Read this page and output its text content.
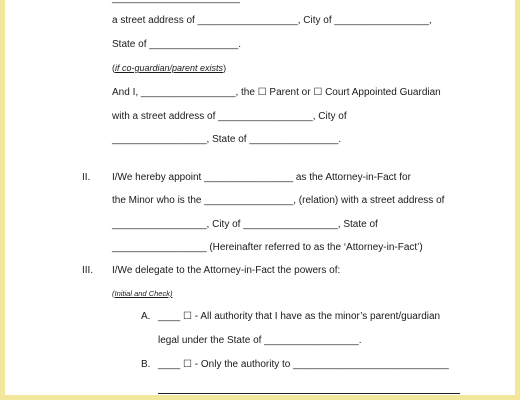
a street address of __________________, City of _________________,
State of ________________.
(if co-guardian/parent exists)
And I, _________________, the ☐ Parent or ☐ Court Appointed Guardian
with a street address of _________________, City of
_________________, State of ________________.
II. I/We hereby appoint ________________ as the Attorney-in-Fact for
the Minor who is the ________________, (relation) with a street address of
_________________, City of _________________, State of
_________________ (Hereinafter referred to as the ‘Attorney-in-Fact’)
III. I/We delegate to the Attorney-in-Fact the powers of:
(Initial and Check)
A. ____ ☐ - All authority that I have as the minor’s parent/guardian
legal under the State of _________________.
B. ____ ☐ - Only the authority to ____________________________
